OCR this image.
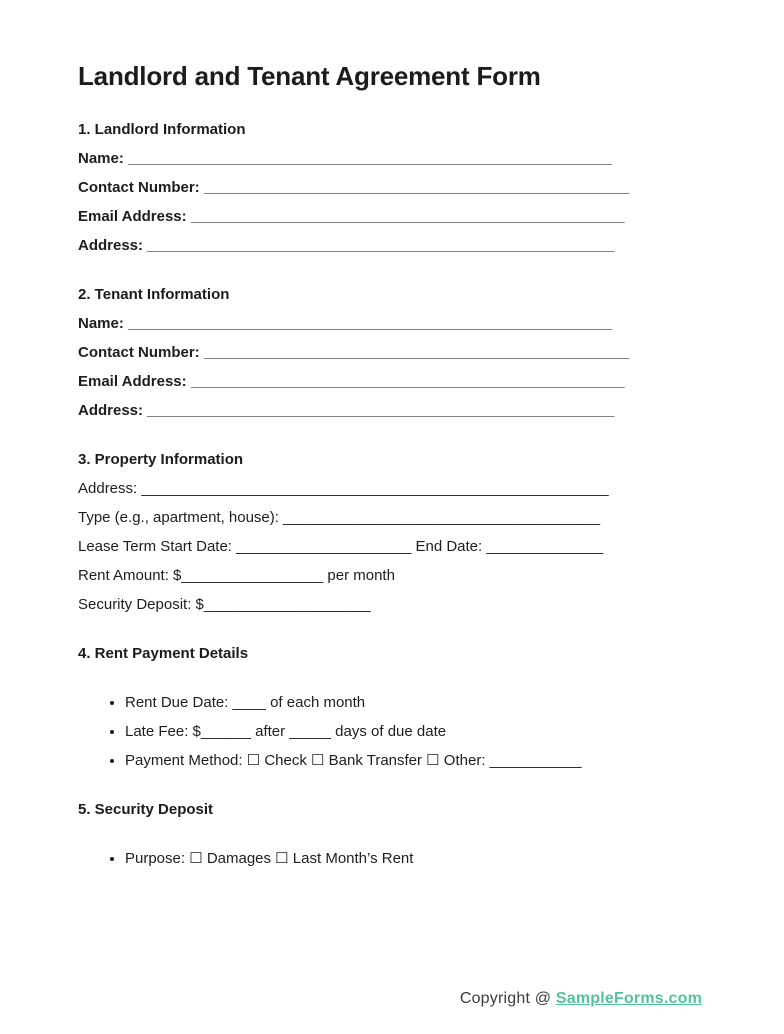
Landlord and Tenant Agreement Form
1. Landlord Information

Name: __________________________________________________________

Contact Number: ___________________________________________________

Email Address: ____________________________________________________

Address: ________________________________________________________

2. Tenant Information

Name: __________________________________________________________

Contact Number: ___________________________________________________

Email Address: ____________________________________________________

Address: ________________________________________________________

3. Property Information

Address: ________________________________________________________

Type (e.g., apartment, house): ______________________________________

Lease Term Start Date: _____________________ End Date: ______________

Rent Amount: $_________________ per month

Security Deposit: $____________________

4. Rent Payment Details
• Rent Due Date: ____ of each month
• Late Fee: $______ after _____ days of due date
• Payment Method: ☐ Check ☐ Bank Transfer ☐ Other: ___________
5. Security Deposit
• Purpose: ☐ Damages ☐ Last Month’s Rent
Copyright @ SampleForms.com
